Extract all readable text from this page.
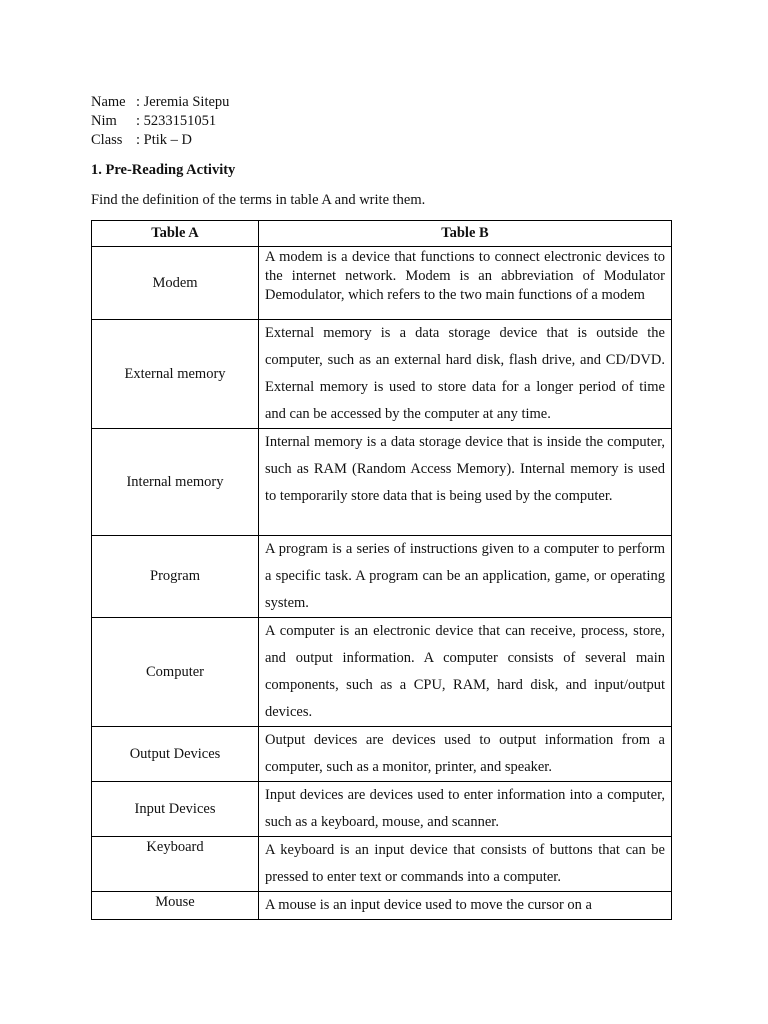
Name : Jeremia Sitepu
Nim	: 5233151051
Class : Ptik – D
1. Pre-Reading Activity
Find the definition of the terms in table A and write them.
Table A	Table B
Modem	A modem is a device that functions to connect electronic devices to the internet network. Modem is an abbreviation of Modulator Demodulator, which refers to the two main functions of a modem
External memory	External memory is a data storage device that is outside the computer, such as an external hard disk, flash drive, and CD/DVD. External memory is used to store data for a longer period of time and can be accessed by the computer at any time.
Internal memory	Internal memory is a data storage device that is inside the computer, such as RAM (Random Access Memory). Internal memory is used to temporarily store data that is being used by the computer.
Program	A program is a series of instructions given to a computer to perform a specific task. A program can be an application, game, or operating system.
Computer	A computer is an electronic device that can receive, process, store, and output information. A computer consists of several main components, such as a CPU, RAM, hard disk, and input/output devices.
Output Devices	Output devices are devices used to output information from a computer, such as a monitor, printer, and speaker.
Input Devices	Input devices are devices used to enter information into a computer, such as a keyboard, mouse, and scanner.
Keyboard	A keyboard is an input device that consists of buttons that can be pressed to enter text or commands into a computer.
Mouse	A mouse is an input device used to move the cursor on a
